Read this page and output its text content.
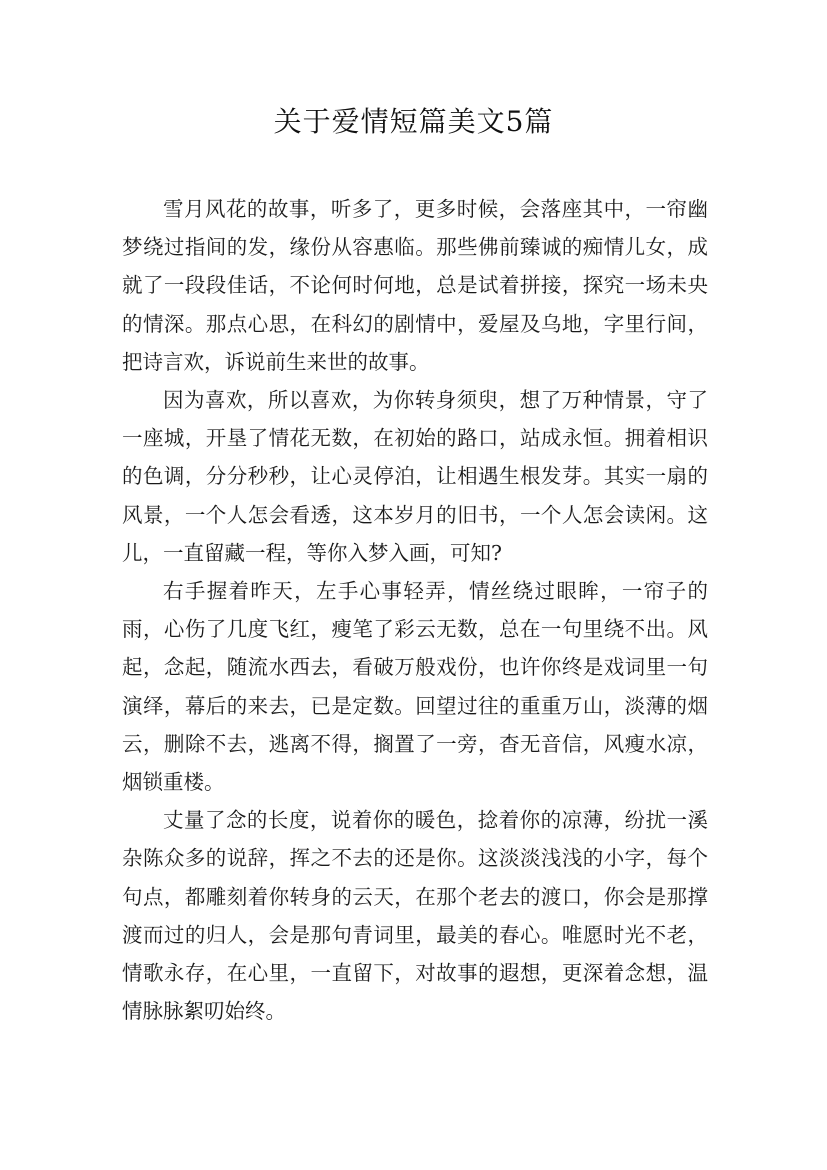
关于爱情短篇美文5篇

雪月风花的故事，听多了，更多时候，会落座其中，一帘幽梦绕过指间的发，缘份从容惠临。那些佛前臻诚的痴情儿女，成就了一段段佳话，不论何时何地，总是试着拼接，探究一场未央的情深。那点心思，在科幻的剧情中，爱屋及乌地，字里行间，把诗言欢，诉说前生来世的故事。

因为喜欢，所以喜欢，为你转身须臾，想了万种情景，守了一座城，开垦了情花无数，在初始的路口，站成永恒。拥着相识的色调，分分秒秒，让心灵停泊，让相遇生根发芽。其实一扇的风景，一个人怎会看透，这本岁月的旧书，一个人怎会读闲。这儿，一直留藏一程，等你入梦入画，可知?

右手握着昨天，左手心事轻弄，情丝绕过眼眸，一帘子的雨，心伤了几度飞红，瘦笔了彩云无数，总在一句里绕不出。风起，念起，随流水西去，看破万般戏份，也许你终是戏词里一句演绎，幕后的来去，已是定数。回望过往的重重万山，淡薄的烟云，删除不去，逃离不得，搁置了一旁，杳无音信，风瘦水凉，烟锁重楼。

丈量了念的长度，说着你的暖色，捻着你的凉薄，纷扰一溪杂陈众多的说辞，挥之不去的还是你。这淡淡浅浅的小字，每个句点，都雕刻着你转身的云天，在那个老去的渡口，你会是那撑渡而过的归人，会是那句青词里，最美的春心。唯愿时光不老，情歌永存，在心里，一直留下，对故事的遐想，更深着念想，温情脉脉絮叨始终。
